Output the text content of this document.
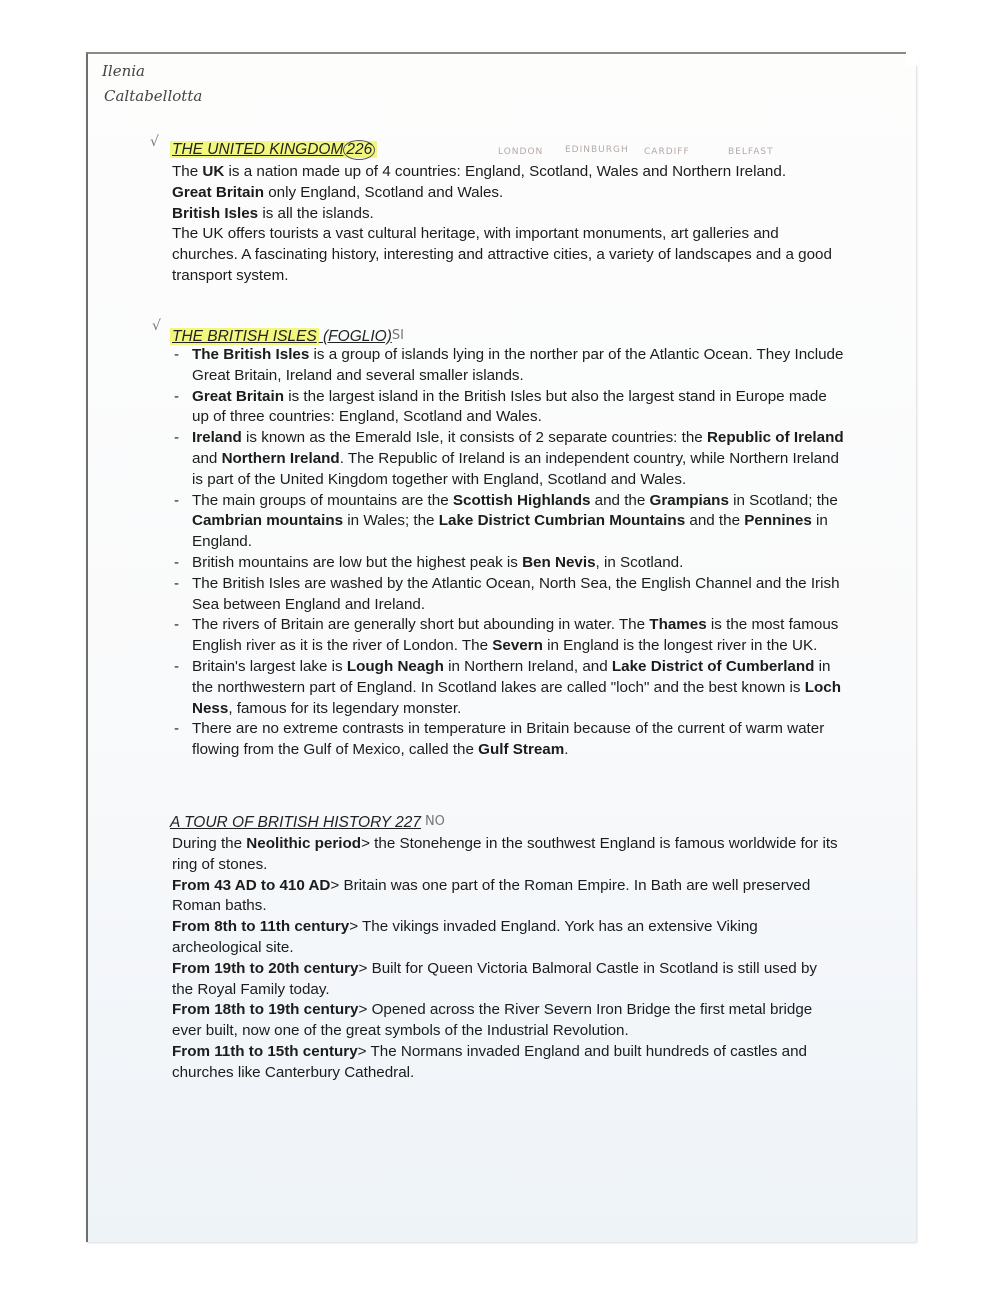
Ilenia
Caltabellotta
√
√
LONDON EDINBURGH CARDIFF	BELFAST
THE UNITED KINGDOM 226

The UK is a nation made up of 4 countries: England, Scotland, Wales and Northern Ireland.

Great Britain only England, Scotland and Wales.

British Isles is all the islands.

The UK offers tourists a vast cultural heritage, with important monuments, art galleries and churches. A fascinating history, interesting and attractive cities, a variety of landscapes and a good transport system.

THE BRITISH ISLES (FOGLIO) SI
- The British Isles is a group of islands lying in the norther par of the Atlantic Ocean. They Include Great Britain, Ireland and several smaller islands.
- Great Britain is the largest island in the British Isles but also the largest stand in Europe made up of three countries: England, Scotland and Wales.
- Ireland is known as the Emerald Isle, it consists of 2 separate countries: the Republic of Ireland and Northern Ireland. The Republic of Ireland is an independent country, while Northern Ireland is part of the United Kingdom together with England, Scotland and Wales.
- The main groups of mountains are the Scottish Highlands and the Grampians in Scotland; the Cambrian mountains in Wales; the Lake District Cumbrian Mountains and the Pennines in England.
- British mountains are low but the highest peak is Ben Nevis, in Scotland.
- The British Isles are washed by the Atlantic Ocean, North Sea, the English Channel and the Irish Sea between England and Ireland.
- The rivers of Britain are generally short but abounding in water. The Thames is the most famous English river as it is the river of London. The Severn in England is the longest river in the UK.
- Britain's largest lake is Lough Neagh in Northern Ireland, and Lake District of Cumberland in the northwestern part of England. In Scotland lakes are called "loch" and the best known is Loch Ness, famous for its legendary monster.
- There are no extreme contrasts in temperature in Britain because of the current of warm water flowing from the Gulf of Mexico, called the Gulf Stream.
A TOUR OF BRITISH HISTORY 227 NO

During the Neolithic period> the Stonehenge in the southwest England is famous worldwide for its ring of stones.

From 43 AD to 410 AD> Britain was one part of the Roman Empire. In Bath are well preserved Roman baths.

From 8th to 11th century> The vikings invaded England. York has an extensive Viking archeological site.

From 19th to 20th century> Built for Queen Victoria Balmoral Castle in Scotland is still used by the Royal Family today.

From 18th to 19th century> Opened across the River Severn Iron Bridge the first metal bridge ever built, now one of the great symbols of the Industrial Revolution.

From 11th to 15th century> The Normans invaded England and built hundreds of castles and churches like Canterbury Cathedral.
